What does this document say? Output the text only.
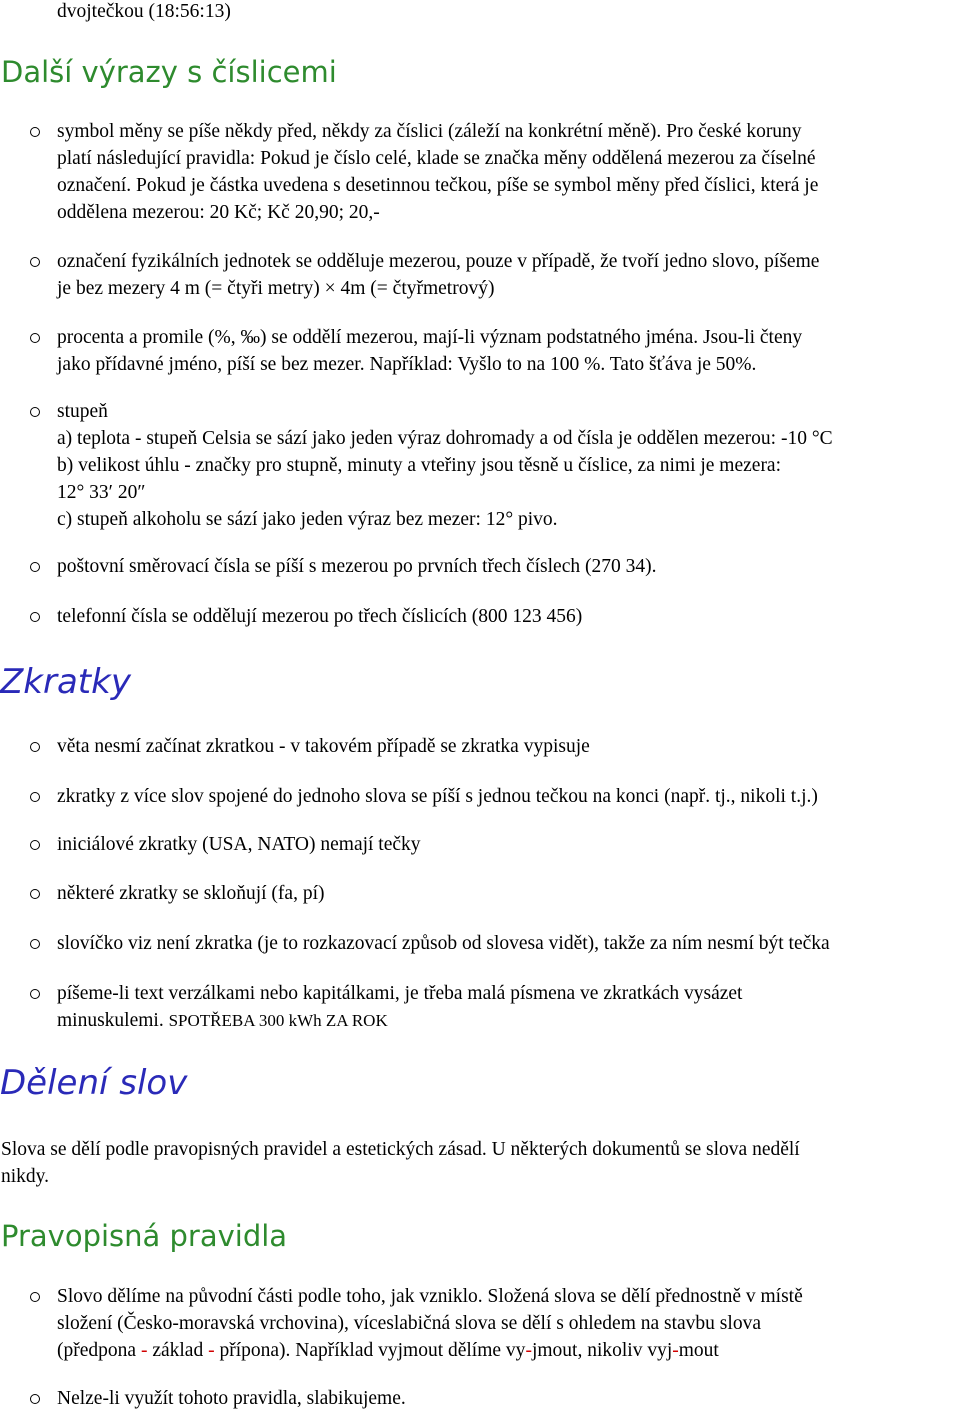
dvojtečkou (18:56:13)
Další výrazy s číslicemi
symbol měny se píše někdy před, někdy za číslici (záleží na konkrétní měně). Pro české koruny
platí následující pravidla: Pokud je číslo celé, klade se značka měny oddělená mezerou za číselné
označení. Pokud je částka uvedena s desetinnou tečkou, píše se symbol měny před číslici, která je
oddělena mezerou: 20 Kč; Kč 20,90; 20,-
označení fyzikálních jednotek se odděluje mezerou, pouze v případě, že tvoří jedno slovo, píšeme
je bez mezery 4 m (= čtyři metry) × 4m (= čtyřmetrový)
procenta a promile (%, ‰) se oddělí mezerou, mají-li význam podstatného jména. Jsou-li čteny
jako přídavné jméno, píší se bez mezer. Například: Vyšlo to na 100 %. Tato šťáva je 50%.
stupeň
a) teplota - stupeň Celsia se sází jako jeden výraz dohromady a od čísla je oddělen mezerou: -10 °C
b) velikost úhlu - značky pro stupně, minuty a vteřiny jsou těsně u číslice, za nimi je mezera:
12° 33′ 20″
c) stupeň alkoholu se sází jako jeden výraz bez mezer: 12° pivo.
poštovní směrovací čísla se píší s mezerou po prvních třech číslech (270 34).
telefonní čísla se oddělují mezerou po třech číslicích (800 123 456)
Zkratky
věta nesmí začínat zkratkou - v takovém případě se zkratka vypisuje
zkratky z více slov spojené do jednoho slova se píší s jednou tečkou na konci (např. tj., nikoli t.j.)
iniciálové zkratky (USA, NATO) nemají tečky
některé zkratky se skloňují (fa, pí)
slovíčko viz není zkratka (je to rozkazovací způsob od slovesa vidět), takže za ním nesmí být tečka
píšeme-li text verzálkami nebo kapitálkami, je třeba malá písmena ve zkratkách vysázet
minuskulemi. SPOTŘEBA 300 kWh ZA ROK
Dělení slov
Slova se dělí podle pravopisných pravidel a estetických zásad. U některých dokumentů se slova nedělí
nikdy.
Pravopisná pravidla
Slovo dělíme na původní části podle toho, jak vzniklo. Složená slova se dělí přednostně v místě
složení (Česko-moravská vrchovina), víceslabičná slova se dělí s ohledem na stavbu slova
(předpona - základ - přípona). Například vyjmout dělíme vy-jmout, nikoliv vyj-mout
Nelze-li využít tohoto pravidla, slabikujeme.
